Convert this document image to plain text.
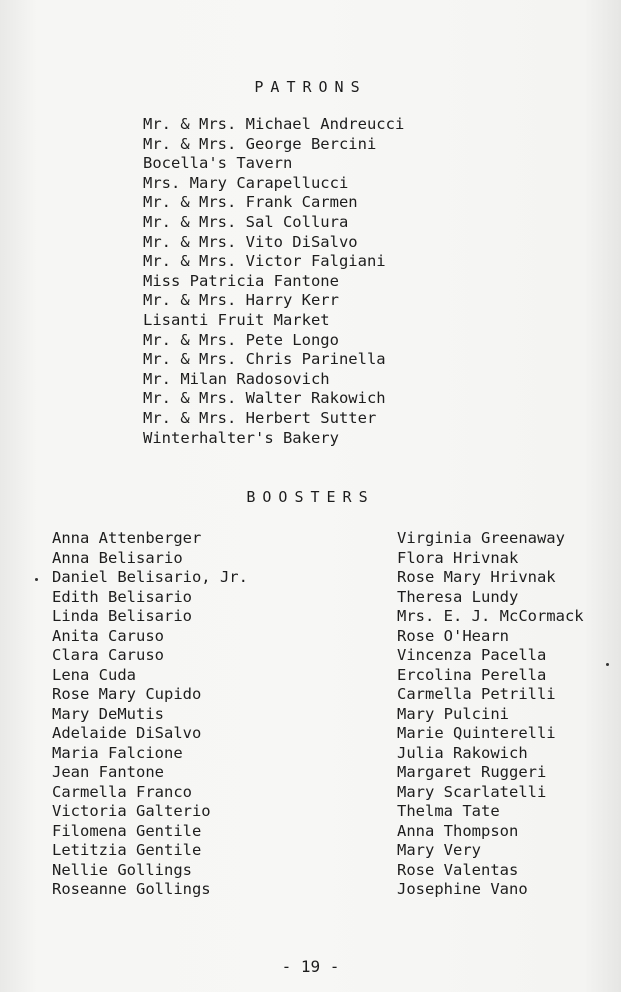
PATRONS
Mr. & Mrs. Michael Andreucci
Mr. & Mrs. George Bercini
Bocella's Tavern
Mrs. Mary Carapellucci
Mr. & Mrs. Frank Carmen
Mr. & Mrs. Sal Collura
Mr. & Mrs. Vito DiSalvo
Mr. & Mrs. Victor Falgiani
Miss Patricia Fantone
Mr. & Mrs. Harry Kerr
Lisanti Fruit Market
Mr. & Mrs. Pete Longo
Mr. & Mrs. Chris Parinella
Mr. Milan Radosovich
Mr. & Mrs. Walter Rakowich
Mr. & Mrs. Herbert Sutter
Winterhalter's Bakery
BOOSTERS
Anna Attenberger
Anna Belisario
Daniel Belisario, Jr.
Edith Belisario
Linda Belisario
Anita Caruso
Clara Caruso
Lena Cuda
Rose Mary Cupido
Mary DeMutis
Adelaide DiSalvo
Maria Falcione
Jean Fantone
Carmella Franco
Victoria Galterio
Filomena Gentile
Letitzia Gentile
Nellie Gollings
Roseanne Gollings
Virginia Greenaway
Flora Hrivnak
Rose Mary Hrivnak
Theresa Lundy
Mrs. E. J. McCormack
Rose O'Hearn
Vincenza Pacella
Ercolina Perella
Carmella Petrilli
Mary Pulcini
Marie Quinterelli
Julia Rakowich
Margaret Ruggeri
Mary Scarlatelli
Thelma Tate
Anna Thompson
Mary Very
Rose Valentas
Josephine Vano
- 19 -
